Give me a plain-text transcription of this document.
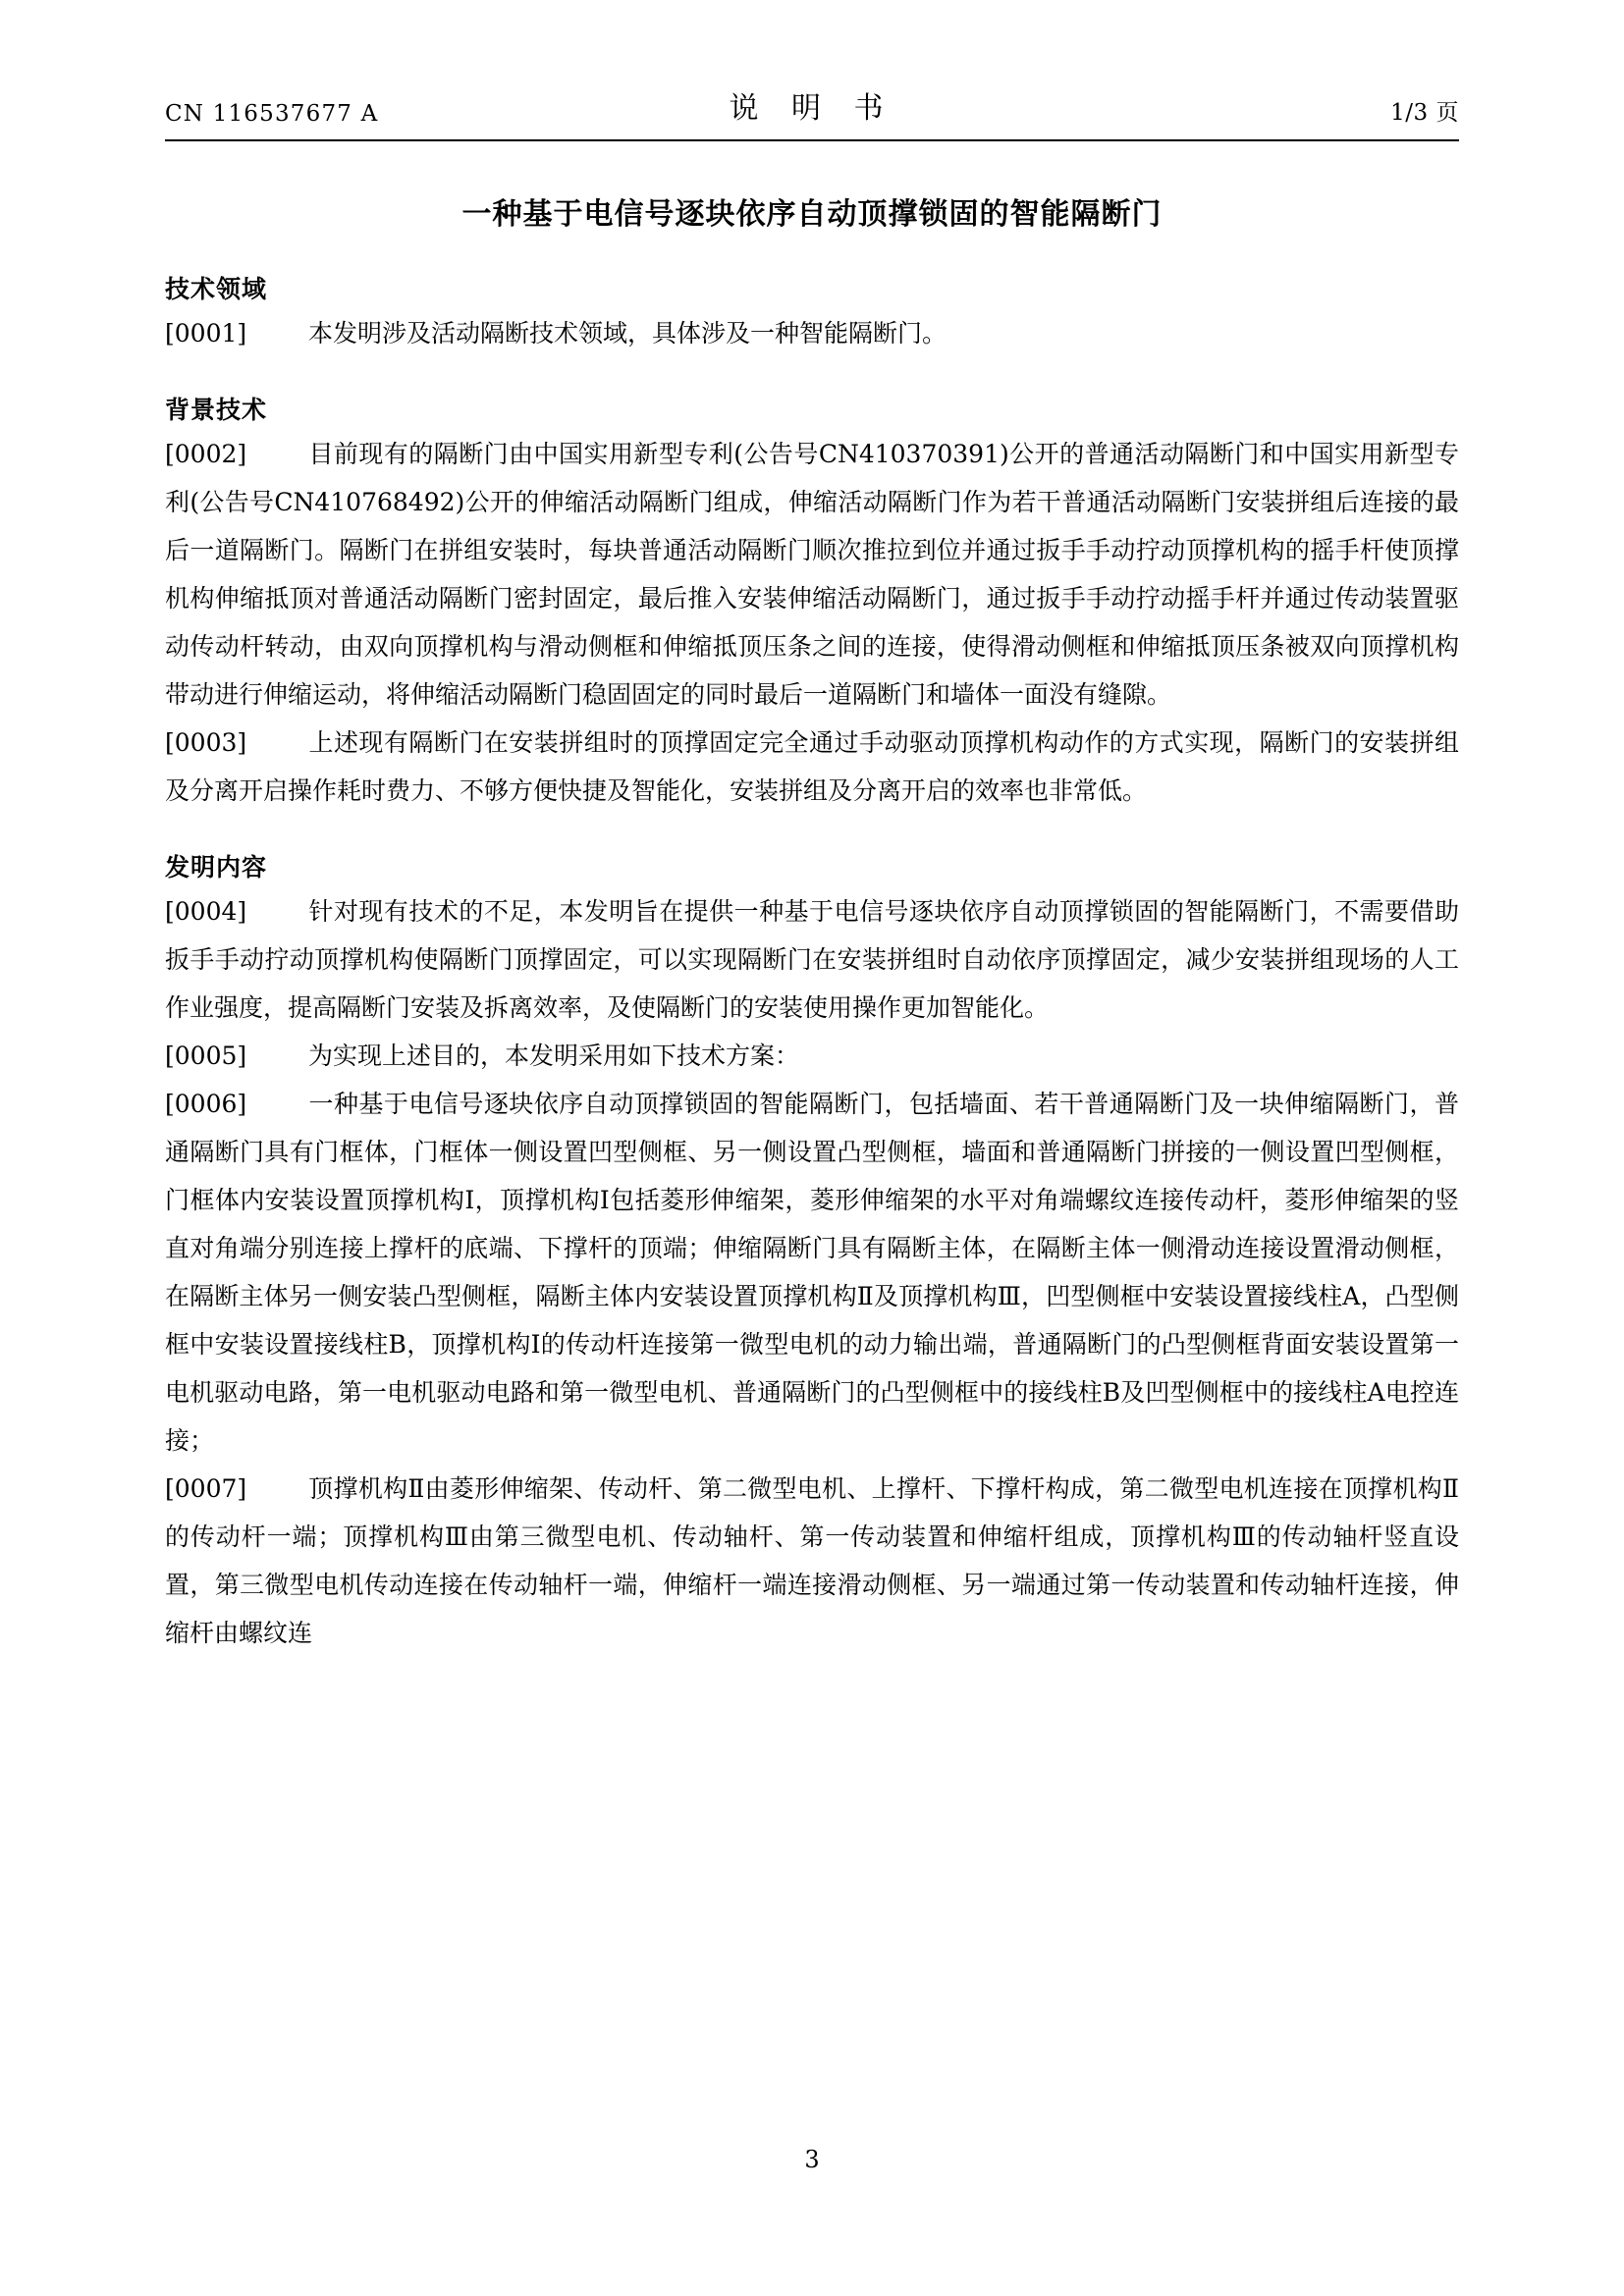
CN 116537677 A	说 明 书	1/3 页
一种基于电信号逐块依序自动顶撑锁固的智能隔断门
技术领域

[0001]	本发明涉及活动隔断技术领域，具体涉及一种智能隔断门。

背景技术

[0002]	目前现有的隔断门由中国实用新型专利(公告号CN410370391)公开的普通活动隔断门和中国实用新型专利(公告号CN410768492)公开的伸缩活动隔断门组成，伸缩活动隔断门作为若干普通活动隔断门安装拼组后连接的最后一道隔断门。隔断门在拼组安装时，每块普通活动隔断门顺次推拉到位并通过扳手手动拧动顶撑机构的摇手杆使顶撑机构伸缩抵顶对普通活动隔断门密封固定，最后推入安装伸缩活动隔断门，通过扳手手动拧动摇手杆并通过传动装置驱动传动杆转动，由双向顶撑机构与滑动侧框和伸缩抵顶压条之间的连接，使得滑动侧框和伸缩抵顶压条被双向顶撑机构带动进行伸缩运动，将伸缩活动隔断门稳固固定的同时最后一道隔断门和墙体一面没有缝隙。

[0003]	上述现有隔断门在安装拼组时的顶撑固定完全通过手动驱动顶撑机构动作的方式实现，隔断门的安装拼组及分离开启操作耗时费力、不够方便快捷及智能化，安装拼组及分离开启的效率也非常低。

发明内容

[0004]	针对现有技术的不足，本发明旨在提供一种基于电信号逐块依序自动顶撑锁固的智能隔断门，不需要借助扳手手动拧动顶撑机构使隔断门顶撑固定，可以实现隔断门在安装拼组时自动依序顶撑固定，减少安装拼组现场的人工作业强度，提高隔断门安装及拆离效率，及使隔断门的安装使用操作更加智能化。

[0005]	为实现上述目的，本发明采用如下技术方案：

[0006]	一种基于电信号逐块依序自动顶撑锁固的智能隔断门，包括墙面、若干普通隔断门及一块伸缩隔断门，普通隔断门具有门框体，门框体一侧设置凹型侧框、另一侧设置凸型侧框，墙面和普通隔断门拼接的一侧设置凹型侧框，门框体内安装设置顶撑机构I，顶撑机构I包括菱形伸缩架，菱形伸缩架的水平对角端螺纹连接传动杆，菱形伸缩架的竖直对角端分别连接上撑杆的底端、下撑杆的顶端；伸缩隔断门具有隔断主体，在隔断主体一侧滑动连接设置滑动侧框，在隔断主体另一侧安装凸型侧框，隔断主体内安装设置顶撑机构Ⅱ及顶撑机构Ⅲ，凹型侧框中安装设置接线柱A，凸型侧框中安装设置接线柱B，顶撑机构I的传动杆连接第一微型电机的动力输出端，普通隔断门的凸型侧框背面安装设置第一电机驱动电路，第一电机驱动电路和第一微型电机、普通隔断门的凸型侧框中的接线柱B及凹型侧框中的接线柱A电控连接；

[0007]	顶撑机构Ⅱ由菱形伸缩架、传动杆、第二微型电机、上撑杆、下撑杆构成，第二微型电机连接在顶撑机构Ⅱ的传动杆一端；顶撑机构Ⅲ由第三微型电机、传动轴杆、第一传动装置和伸缩杆组成，顶撑机构Ⅲ的传动轴杆竖直设置，第三微型电机传动连接在传动轴杆一端，伸缩杆一端连接滑动侧框、另一端通过第一传动装置和传动轴杆连接，伸缩杆由螺纹连

3
